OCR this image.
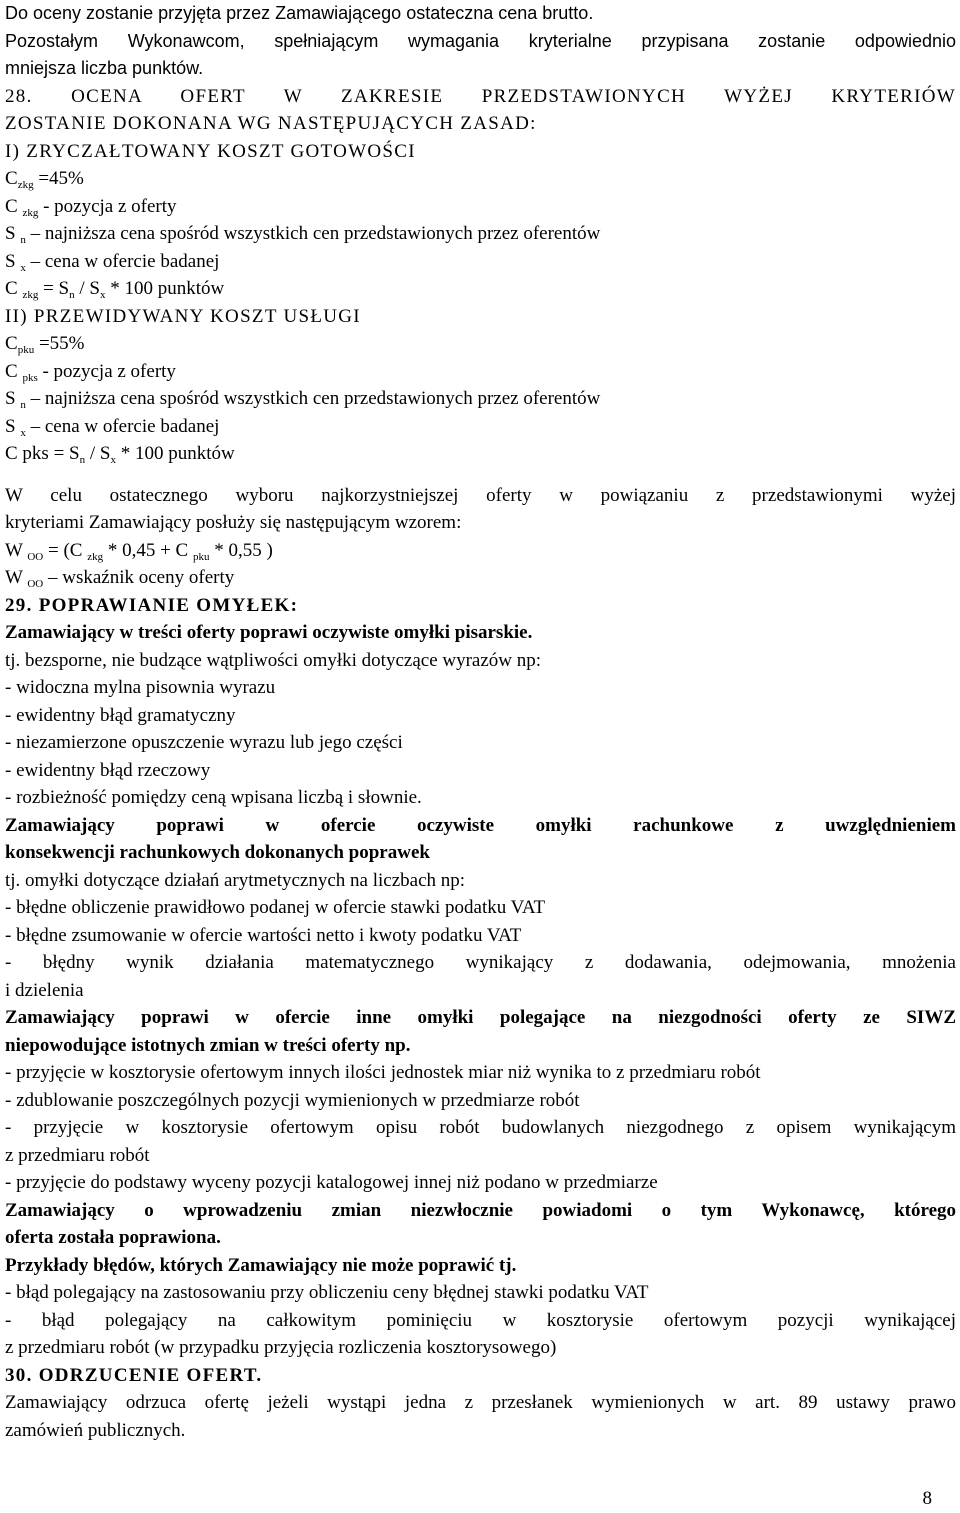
Do oceny zostanie przyjęta przez Zamawiającego ostateczna cena brutto.
Pozostałym Wykonawcom, spełniającym wymagania kryterialne przypisana zostanie odpowiednio
mniejsza liczba punktów.
28. OCENA OFERT W ZAKRESIE PRZEDSTAWIONYCH WYŻEJ KRYTERIÓW
ZOSTANIE DOKONANA WG NASTĘPUJĄCYCH ZASAD:
I) ZRYCZAŁTOWANY KOSZT GOTOWOŚCI
$C_{zkg} =45\%$
C $_{zkg}$ - pozycja z oferty
S $_n$ – najniższa cena spośród wszystkich cen przedstawionych przez oferentów
S $_x$ – cena w ofercie badanej
C $_{zkg} = S_n / S_x * 100$ punktów
II) PRZEWIDYWANY KOSZT USŁUGI
$C_{pku} =55\%$
C $_{pks}$ - pozycja z oferty
S $_n$ – najniższa cena spośród wszystkich cen przedstawionych przez oferentów
S $_x$ – cena w ofercie badanej
C pks = $S_n / S_x * 100$ punktów
W celu ostatecznego wyboru najkorzystniejszej oferty w powiązaniu z przedstawionymi wyżej
kryteriami Zamawiający posłuży się następującym wzorem:
W $_{OO}$ = (C $_{zkg}$ * 0,45 + C $_{pku}$ * 0,55 )
W $_{OO}$ – wskaźnik oceny oferty
29. POPRAWIANIE OMYŁEK:
Zamawiający w treści oferty poprawi oczywiste omyłki pisarskie.
tj. bezsporne, nie budzące wątpliwości omyłki dotyczące wyrazów np:
- widoczna mylna pisownia wyrazu
- ewidentny błąd gramatyczny
- niezamierzone opuszczenie wyrazu lub jego części
- ewidentny błąd rzeczowy
- rozbieżność pomiędzy ceną wpisana liczbą i słownie.
Zamawiający poprawi w ofercie oczywiste omyłki rachunkowe z uwzględnieniem
konsekwencji rachunkowych dokonanych poprawek
tj. omyłki dotyczące działań arytmetycznych na liczbach np:
- błędne obliczenie prawidłowo podanej w ofercie stawki podatku VAT
- błędne zsumowanie w ofercie wartości netto i kwoty podatku VAT
- błędny wynik działania matematycznego wynikający z dodawania, odejmowania, mnożenia
i dzielenia
Zamawiający poprawi w ofercie inne omyłki polegające na niezgodności oferty ze SIWZ
niepowodujące istotnych zmian w treści oferty np.
- przyjęcie w kosztorysie ofertowym innych ilości jednostek miar niż wynika to z przedmiaru robót
- zdublowanie poszczególnych pozycji wymienionych w przedmiarze robót
- przyjęcie w kosztorysie ofertowym opisu robót budowlanych niezgodnego z opisem wynikającym
z przedmiaru robót
- przyjęcie do podstawy wyceny pozycji katalogowej innej niż podano w przedmiarze
Zamawiający o wprowadzeniu zmian niezwłocznie powiadomi o tym Wykonawcę, którego
oferta została poprawiona.
Przykłady błędów, których Zamawiający nie może poprawić tj.
- błąd polegający na zastosowaniu przy obliczeniu ceny błędnej stawki podatku VAT
- błąd polegający na całkowitym pominięciu w kosztorysie ofertowym pozycji wynikającej
z przedmiaru robót (w przypadku przyjęcia rozliczenia kosztorysowego)
30. ODRZUCENIE OFERT.
Zamawiający odrzuca ofertę jeżeli wystąpi jedna z przesłanek wymienionych w art. 89 ustawy prawo
zamówień publicznych.
8
